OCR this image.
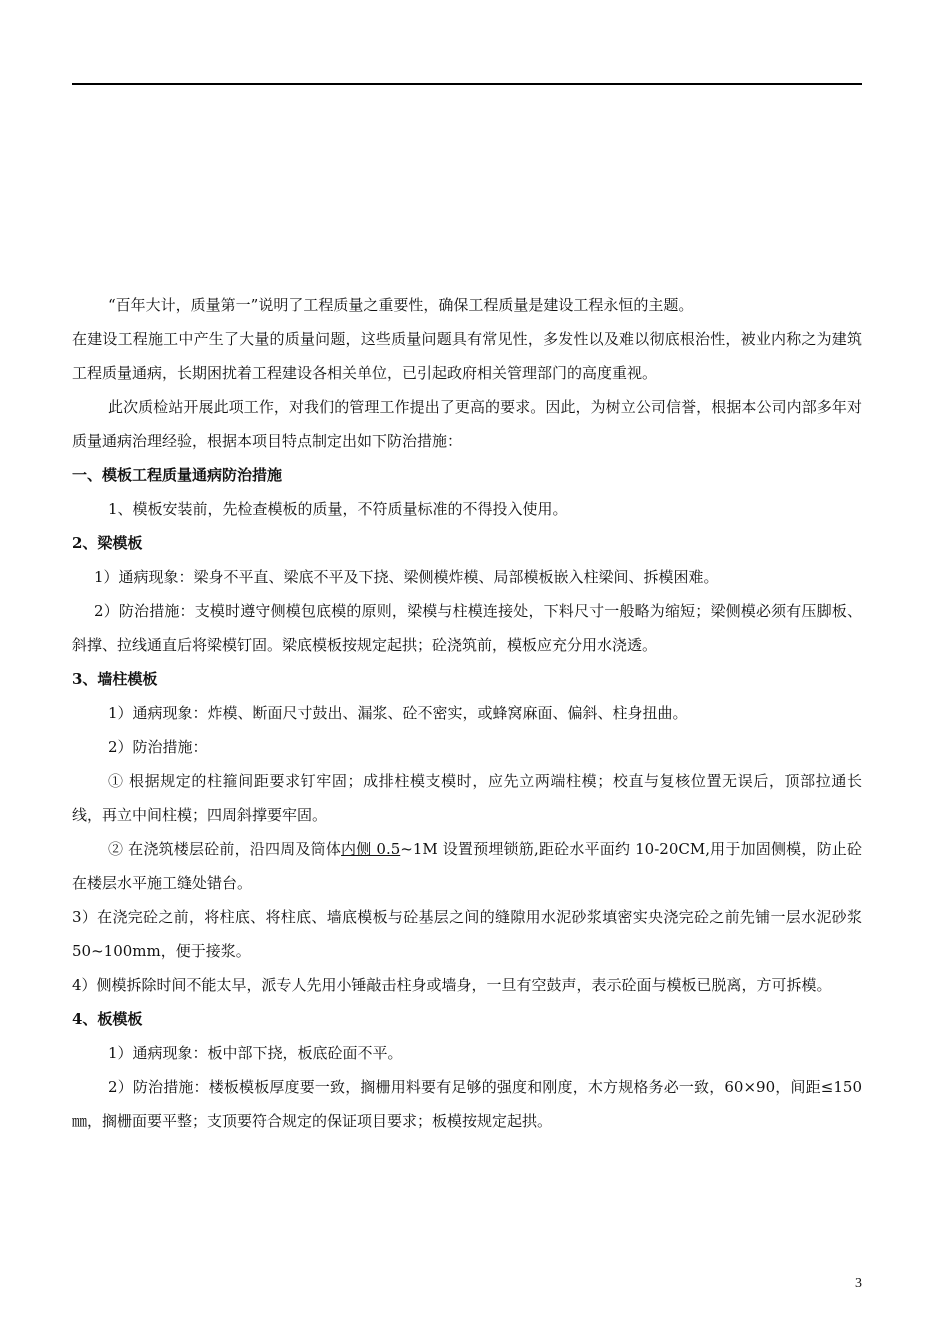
“百年大计，质量第一”说明了工程质量之重要性，确保工程质量是建设工程永恒的主题。

在建设工程施工中产生了大量的质量问题，这些质量问题具有常见性，多发性以及难以彻底根治性，被业内称之为建筑工程质量通病，长期困扰着工程建设各相关单位，已引起政府相关管理部门的高度重视。

此次质检站开展此项工作，对我们的管理工作提出了更高的要求。因此，为树立公司信誉，根据本公司内部多年对质量通病治理经验，根据本项目特点制定出如下防治措施：

一、模板工程质量通病防治措施

1、模板安装前，先检查模板的质量，不符质量标准的不得投入使用。

2、梁模板

1）通病现象：梁身不平直、梁底不平及下挠、梁侧模炸模、局部模板嵌入柱梁间、拆模困难。

2）防治措施：支模时遵守侧模包底模的原则，梁模与柱模连接处，下料尺寸一般略为缩短；梁侧模必须有压脚板、斜撑、拉线通直后将梁模钉固。梁底模板按规定起拱；砼浇筑前，模板应充分用水浇透。

3、墙柱模板

1）通病现象：炸模、断面尺寸鼓出、漏浆、砼不密实，或蜂窝麻面、偏斜、柱身扭曲。

2）防治措施：

① 根据规定的柱箍间距要求钉牢固；成排柱模支模时，应先立两端柱模；校直与复核位置无误后，顶部拉通长线，再立中间柱模；四周斜撑要牢固。

② 在浇筑楼层砼前，沿四周及筒体内侧 0.5~1M 设置预埋锁筋,距砼水平面约 10-20CM,用于加固侧模，防止砼在楼层水平施工缝处错台。

3）在浇完砼之前，将柱底、将柱底、墙底模板与砼基层之间的缝隙用水泥砂浆填密实央浇完砼之前先铺一层水泥砂浆 50~100mm，便于接浆。

4）侧模拆除时间不能太早，派专人先用小锤敲击柱身或墙身，一旦有空鼓声，表示砼面与模板已脱离，方可拆模。

4、板模板

1）通病现象：板中部下挠，板底砼面不平。

2）防治措施：楼板模板厚度要一致，搁栅用料要有足够的强度和刚度，木方规格务必一致，60×90，间距≤150㎜，搁栅面要平整；支顶要符合规定的保证项目要求；板模按规定起拱。

3
